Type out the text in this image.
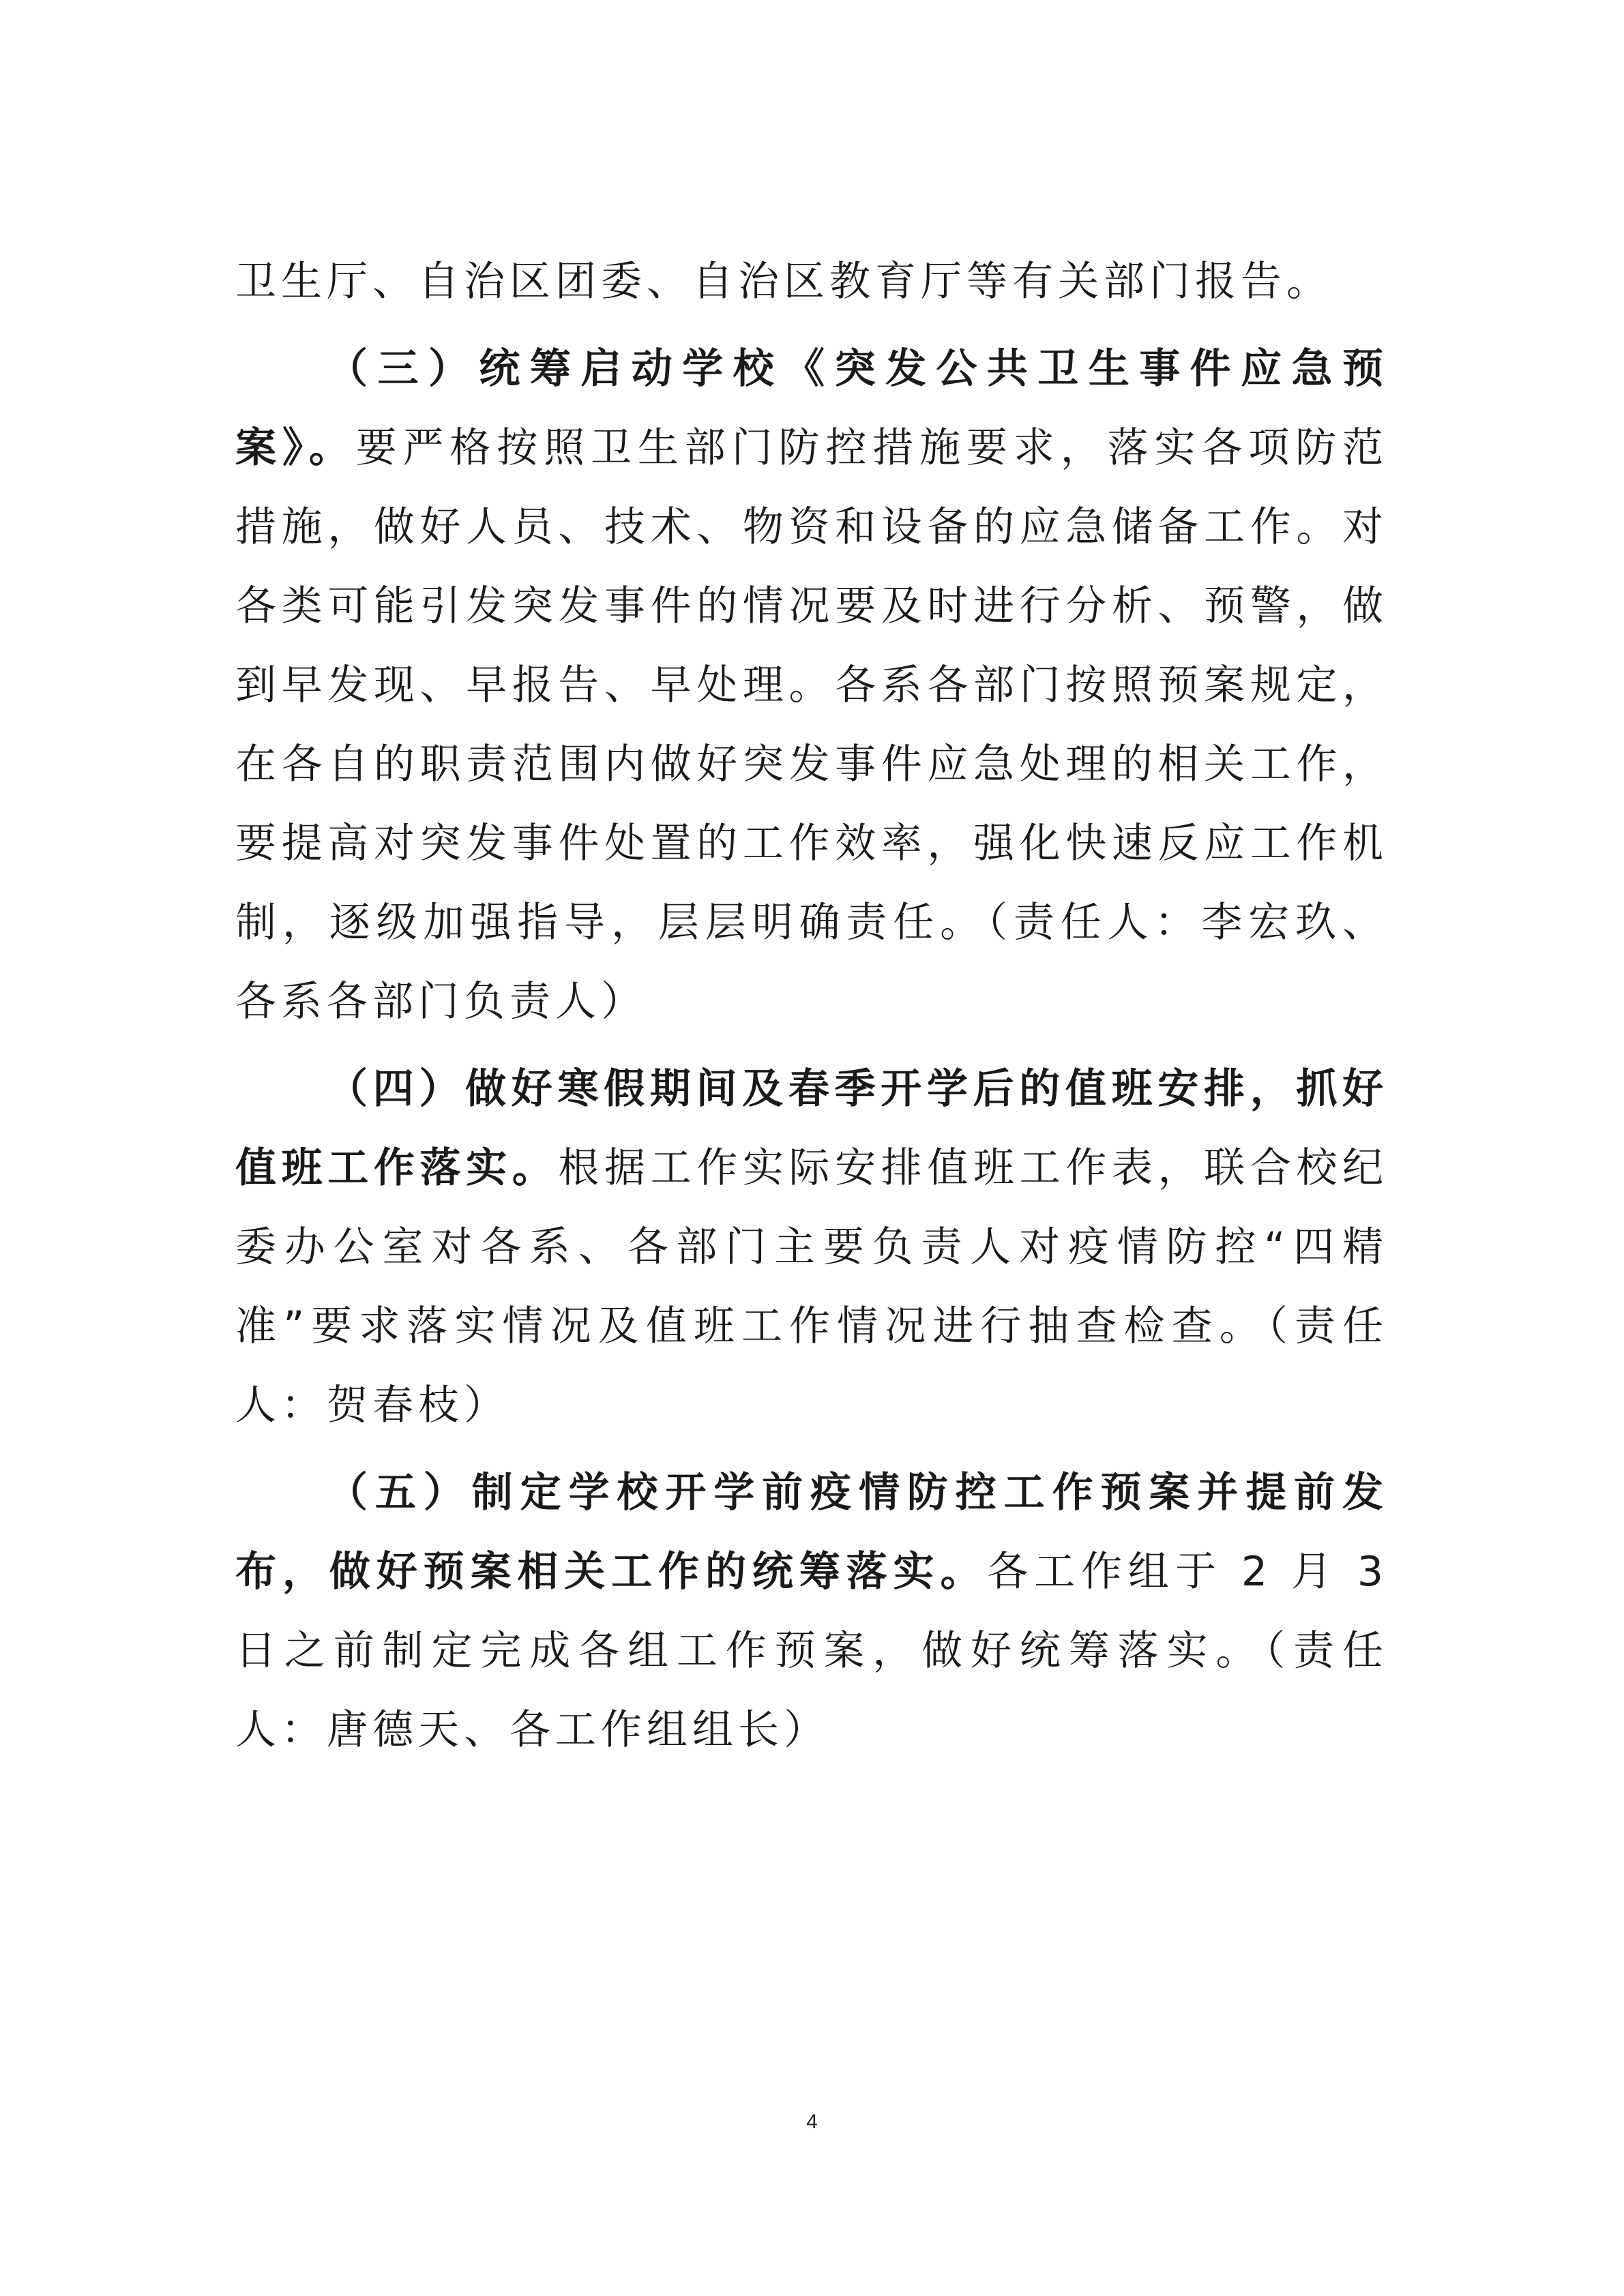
卫生厅、自治区团委、自治区教育厅等有关部门报告。

（三）统筹启动学校《突发公共卫生事件应急预案》。要严格按照卫生部门防控措施要求，落实各项防范措施，做好人员、技术、物资和设备的应急储备工作。对各类可能引发突发事件的情况要及时进行分析、预警，做到早发现、早报告、早处理。各系各部门按照预案规定，在各自的职责范围内做好突发事件应急处理的相关工作，要提高对突发事件处置的工作效率，强化快速反应工作机制，逐级加强指导，层层明确责任。（责任人：李宏玖、各系各部门负责人）

（四）做好寒假期间及春季开学后的值班安排，抓好值班工作落实。根据工作实际安排值班工作表，联合校纪委办公室对各系、各部门主要负责人对疫情防控“四精准”要求落实情况及值班工作情况进行抽查检查。（责任人：贺春枝）

（五）制定学校开学前疫情防控工作预案并提前发布，做好预案相关工作的统筹落实。各工作组于 2 月 3 日之前制定完成各组工作预案，做好统筹落实。（责任人：唐德天、各工作组组长）

4
